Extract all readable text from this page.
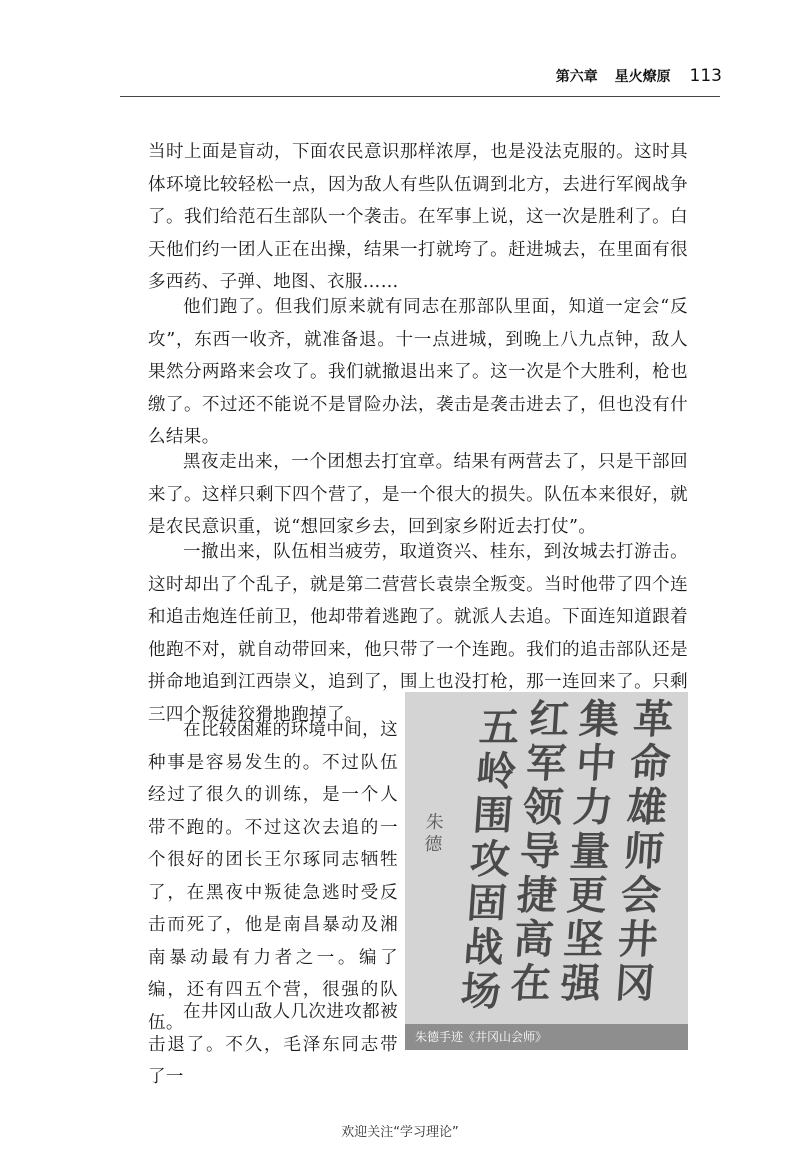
第六章 星火燎原 113

当时上面是盲动，下面农民意识那样浓厚，也是没法克服的。这时具体环境比较轻松一点，因为敌人有些队伍调到北方，去进行军阀战争了。我们给范石生部队一个袭击。在军事上说，这一次是胜利了。白天他们约一团人正在出操，结果一打就垮了。赶进城去，在里面有很多西药、子弹、地图、衣服……

他们跑了。但我们原来就有同志在那部队里面，知道一定会“反攻”，东西一收齐，就准备退。十一点进城，到晚上八九点钟，敌人果然分两路来会攻了。我们就撤退出来了。这一次是个大胜利，枪也缴了。不过还不能说不是冒险办法，袭击是袭击进去了，但也没有什么结果。

黑夜走出来，一个团想去打宜章。结果有两营去了，只是干部回来了。这样只剩下四个营了，是一个很大的损失。队伍本来很好，就是农民意识重，说“想回家乡去，回到家乡附近去打仗”。

一撤出来，队伍相当疲劳，取道资兴、桂东，到汝城去打游击。这时却出了个乱子，就是第二营营长袁崇全叛变。当时他带了四个连和追击炮连任前卫，他却带着逃跑了。就派人去追。下面连知道跟着他跑不对，就自动带回来，他只带了一个连跑。我们的追击部队还是拼命地追到江西崇义，追到了，围上也没打枪，那一连回来了。只剩三四个叛徒狡猾地跑掉了。

在比较困难的环境中间，这种事是容易发生的。不过队伍经过了很久的训练，是一个人带不跑的。不过这次去追的一个很好的团长王尔琢同志牺牲了，在黑夜中叛徒急逃时受反击而死了，他是南昌暴动及湘南暴动最有力者之一。编了编，还有四五个营，很强的队伍。

在井冈山敌人几次进攻都被击退了。不久，毛泽东同志带了一

革命雄师会井冈
集中力量更坚强
红军领导捷高在
五岭围攻固战场
朱德
朱德手迹《井冈山会师》
欢迎关注“学习理论”
